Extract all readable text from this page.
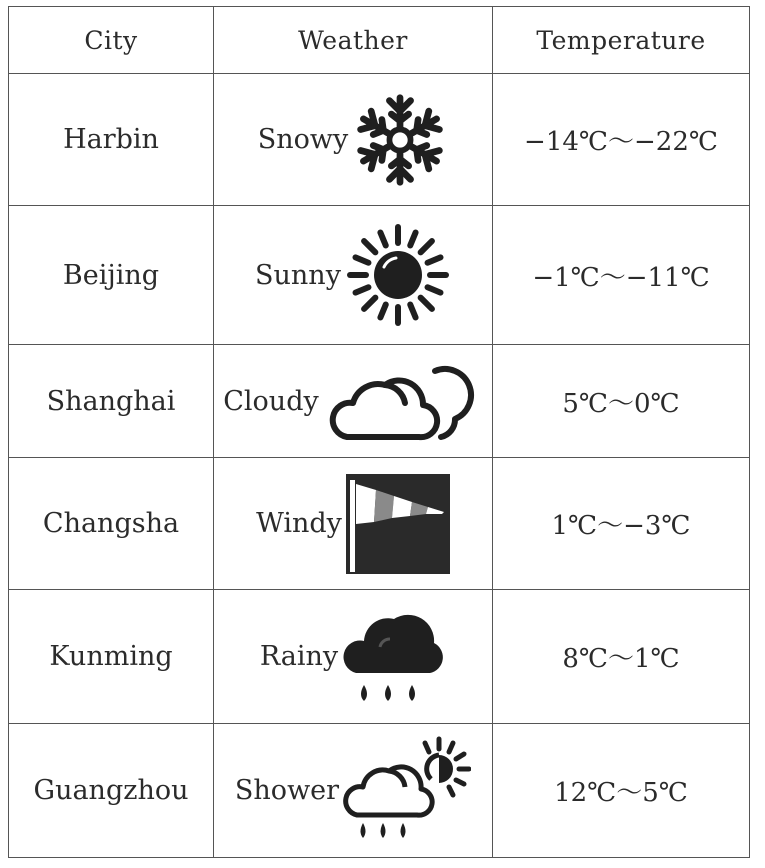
City	Weather	Temperature
Harbin	Snowy	−14℃～−22℃
Beijing	Sunny	−1℃～−11℃
Shanghai	Cloudy	5℃～0℃
Changsha	Windy	1℃～−3℃
Kunming	Rainy	8℃～1℃
Guangzhou	Shower	12℃～5℃
